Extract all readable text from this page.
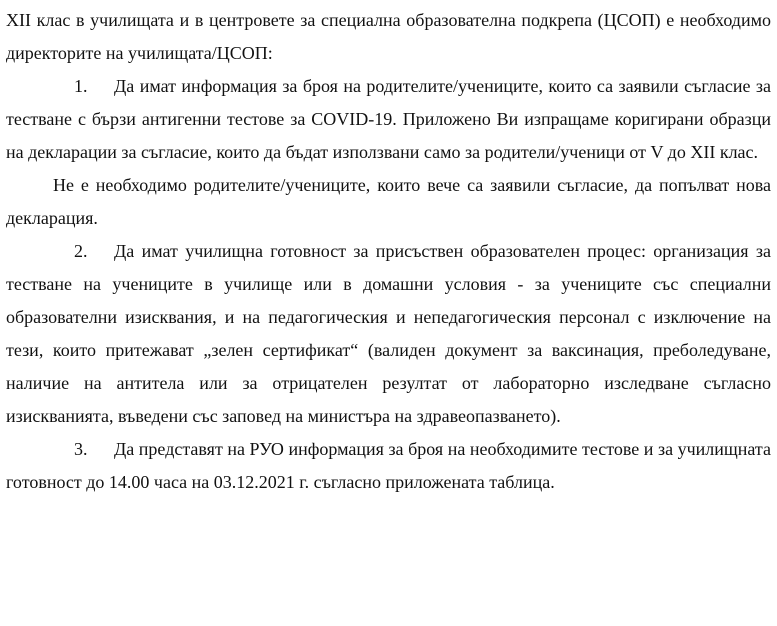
XII клас в училищата и в центровете за специална образователна подкрепа (ЦСОП) е необходимо директорите на училищата/ЦСОП:

1. Да имат информация за броя на родителите/учениците, които са заявили съгласие за тестване с бързи антигенни тестове за COVID-19. Приложено Ви изпращаме коригирани образци на декларации за съгласие, които да бъдат използвани само за родители/ученици от V до XII клас.

Не е необходимо родителите/учениците, които вече са заявили съгласие, да попълват нова декларация.

2. Да имат училищна готовност за присъствен образователен процес: организация за тестване на учениците в училище или в домашни условия - за учениците със специални образователни изисквания, и на педагогическия и непедагогическия персонал с изключение на тези, които притежават „зелен сертификат“ (валиден документ за ваксинация, преболедуване, наличие на антитела или за отрицателен резултат от лабораторно изследване съгласно изискванията, въведени със заповед на министъра на здравеопазването).

3. Да представят на РУО информация за броя на необходимите тестове и за училищната готовност до 14.00 часа на 03.12.2021 г. съгласно приложената таблица.
